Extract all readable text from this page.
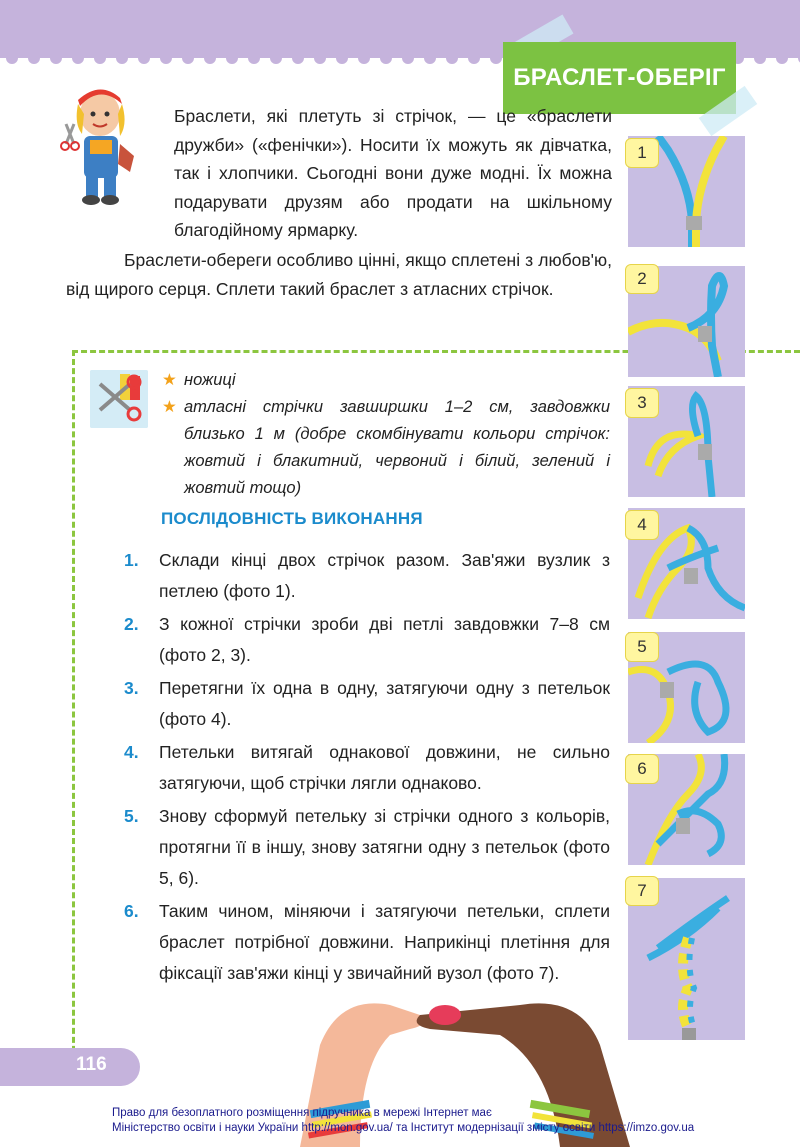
БРАСЛЕТ-ОБЕРІГ

Браслети, які плетуть зі стрічок, — це «браслети дружби» («фенічки»). Носити їх можуть як дівчатка, так і хлопчики. Сьогодні вони дуже модні. Їх можна подарувати друзям або продати на шкільному благодійному ярмарку.

Браслети-обереги особливо цінні, якщо сплетені з любов'ю, від щирого серця. Сплети такий браслет з атласних стрічок.

★ ножиці
★ атласні стрічки завширшки 1–2 см, завдовжки близько 1 м (добре скомбінувати кольори стрічок: жовтий і блакитний, червоний і білий, зелений і жовтий тощо)
ПОСЛІДОВНІСТЬ ВИКОНАННЯ
1. Склади кінці двох стрічок разом. Зав'яжи вузлик з петлею (фото 1).
2. З кожної стрічки зроби дві петлі завдовжки 7–8 см (фото 2, 3).
3. Перетягни їх одна в одну, затягуючи одну з петельок (фото 4).
4. Петельки витягай однакової довжини, не сильно затягуючи, щоб стрічки лягли однаково.
5. Знову сформуй петельку зі стрічки одного з кольорів, протягни її в іншу, знову затягни одну з петельок (фото 5, 6).
6. Таким чином, міняючи і затягуючи петельки, сплети браслет потрібної довжини. Наприкінці плетіння для фіксації зав'яжи кінці у звичайний вузол (фото 7).
1
2
3
4
5
6
7
116
Право для безоплатного розміщення підручника в мережі Інтернет має
Міністерство освіти і науки України http://mon.gov.ua/ та Інститут модернізації змісту освіти https://imzo.gov.ua
